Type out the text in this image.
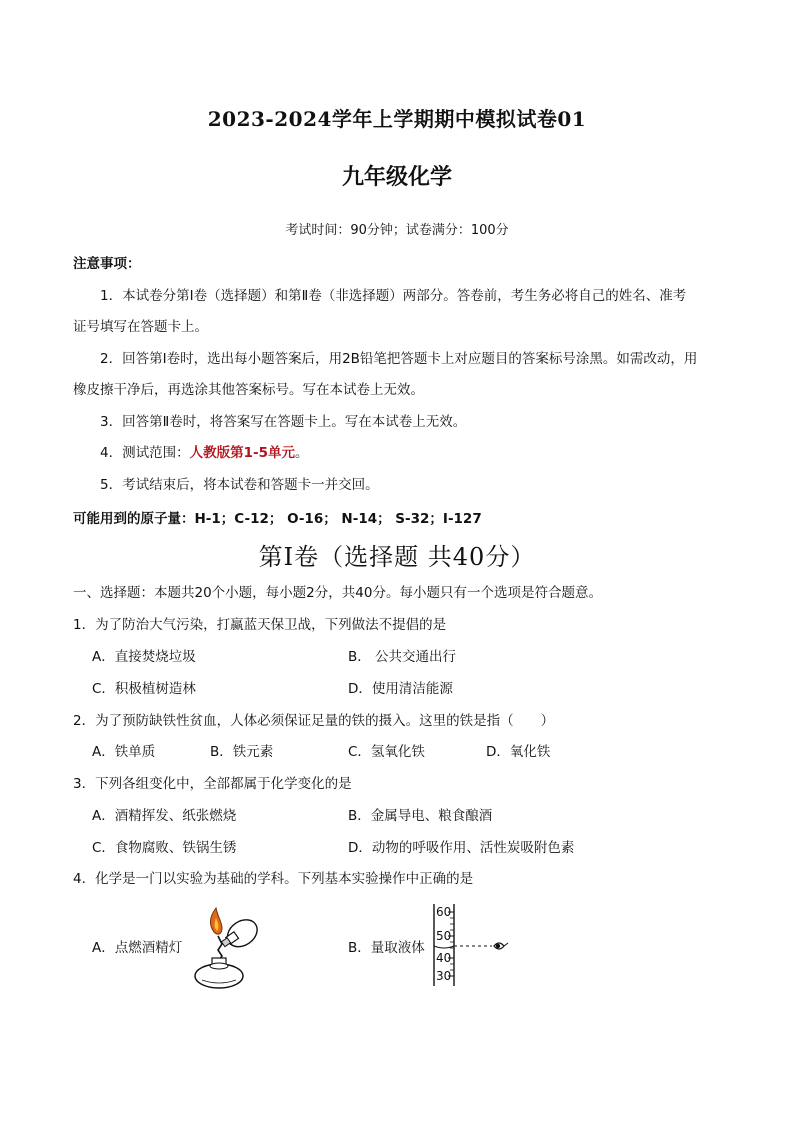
2023-2024学年上学期期中模拟试卷01
九年级化学
考试时间：90分钟；试卷满分：100分
注意事项：
1．本试卷分第Ⅰ卷（选择题）和第Ⅱ卷（非选择题）两部分。答卷前，考生务必将自己的姓名、准考
证号填写在答题卡上。
2．回答第Ⅰ卷时，选出每小题答案后，用2B铅笔把答题卡上对应题目的答案标号涂黑。如需改动，用
橡皮擦干净后，再选涂其他答案标号。写在本试卷上无效。
3．回答第Ⅱ卷时，将答案写在答题卡上。写在本试卷上无效。
4．测试范围：人教版第1-5单元。
5．考试结束后，将本试卷和答题卡一并交回。
可能用到的原子量：H-1；C-12； O-16； N-14； S-32；I-127
第Ⅰ卷（选择题 共40分）
一、选择题：本题共20个小题，每小题2分，共40分。每小题只有一个选项是符合题意。
1．为了防治大气污染，打赢蓝天保卫战，下列做法不提倡的是
A．直接焚烧垃圾	B． 公共交通出行
C．积极植树造林	D．使用清洁能源
2．为了预防缺铁性贫血，人体必须保证足量的铁的摄入。这里的铁是指（　　）
A．铁单质	B．铁元素	C．氢氧化铁	D．氧化铁
3．下列各组变化中，全部都属于化学变化的是
A．酒精挥发、纸张燃烧	B．金属导电、粮食酿酒
C．食物腐败、铁锅生锈	D．动物的呼吸作用、活性炭吸附色素
4．化学是一门以实验为基础的学科。下列基本实验操作中正确的是
A．点燃酒精灯	B．量取液体
60
50
40
30
